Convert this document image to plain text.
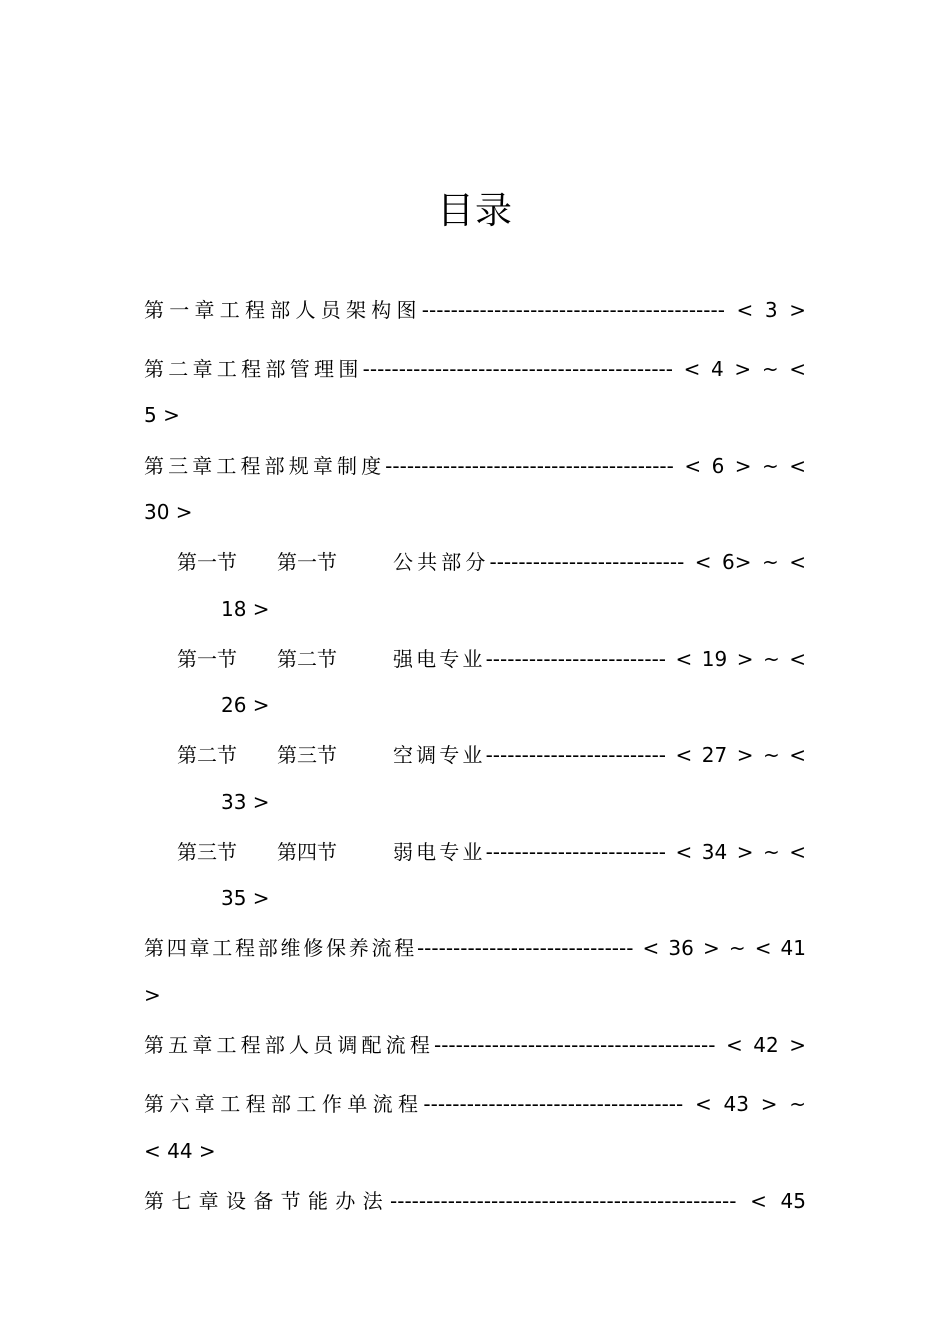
目录
第一章工程部人员架构图------------------------------------------ < 3 >
第二章工程部管理围------------------------------------------- < 4 > ~ <
5 >
第三章工程部规章制度---------------------------------------- < 6 > ~ <
30 >
第一节	第一节	公共部分--------------------------- < 6> ~ <
18 >
第一节	第二节	强电专业------------------------- < 19 > ~ <
26 >
第二节	第三节	空调专业------------------------- < 27 > ~ <
33 >
第三节	第四节	弱电专业------------------------- < 34 > ~ <
35 >
第四章工程部维修保养流程------------------------------ < 36 > ~ < 41
>
第五章工程部人员调配流程--------------------------------------- < 42 >
第六章工程部工作单流程------------------------------------ < 43 > ~
< 44 >
第七章设备节能办法------------------------------------------------ < 45
